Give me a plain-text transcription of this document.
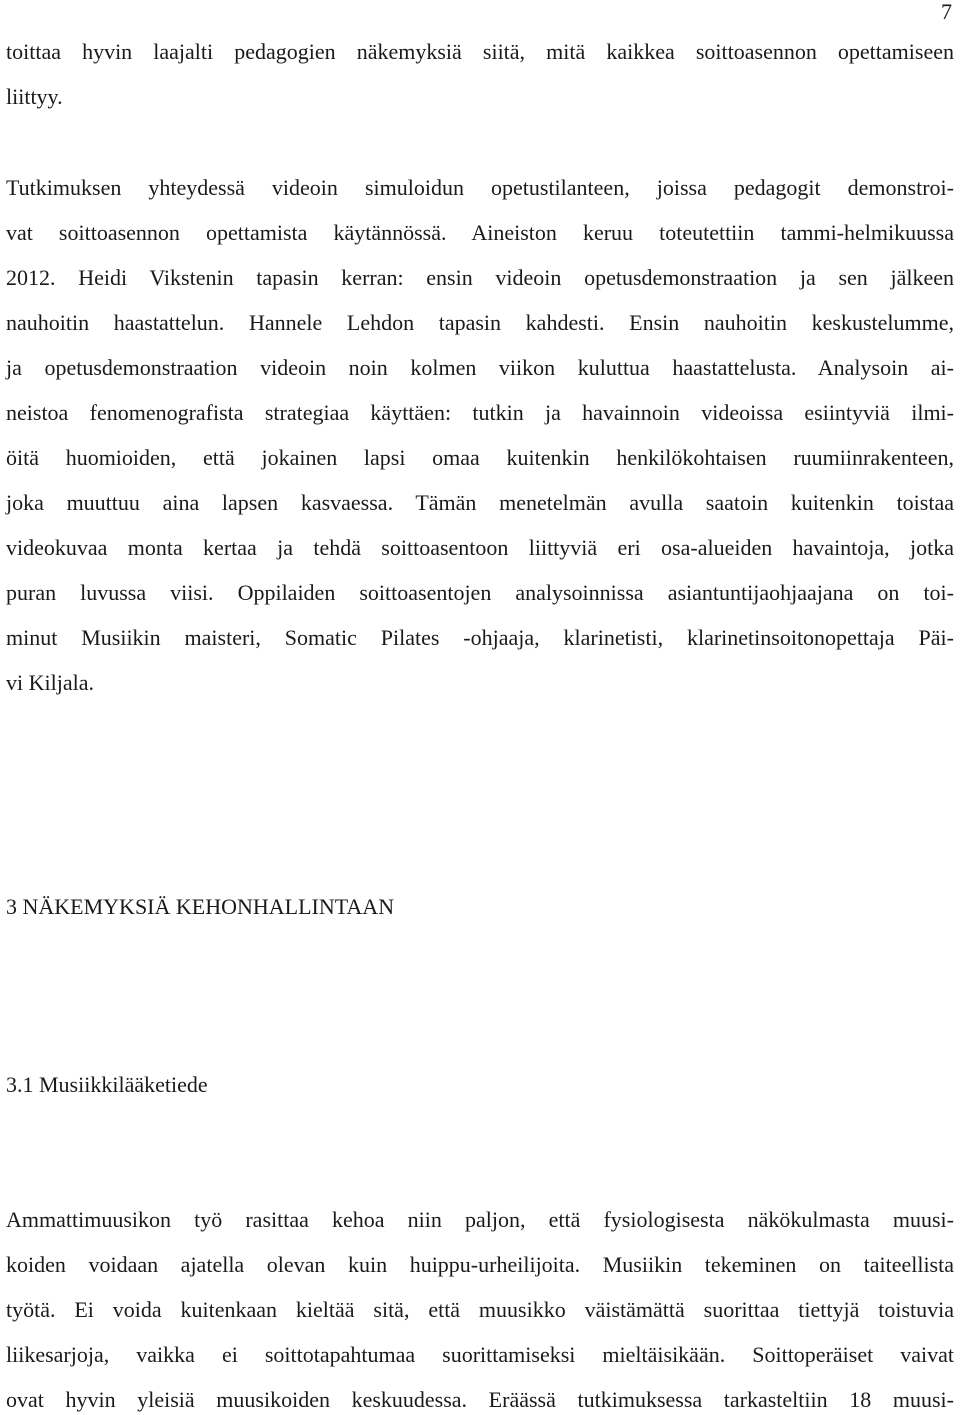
7
toittaa hyvin laajalti pedagogien näkemyksiä siitä, mitä kaikkea soittoasennon opettamiseen
liittyy.
Tutkimuksen yhteydessä videoin simuloidun opetustilanteen, joissa pedagogit demonstroi-
vat soittoasennon opettamista käytännössä. Aineiston keruu toteutettiin tammi-helmikuussa
2012. Heidi Vikstenin tapasin kerran: ensin videoin opetusdemonstraation ja sen jälkeen
nauhoitin haastattelun. Hannele Lehdon tapasin kahdesti. Ensin nauhoitin keskustelumme,
ja opetusdemonstraation videoin noin kolmen viikon kuluttua haastattelusta. Analysoin ai-
neistoa fenomenografista strategiaa käyttäen: tutkin ja havainnoin videoissa esiintyviä ilmi-
öitä huomioiden, että jokainen lapsi omaa kuitenkin henkilökohtaisen ruumiinrakenteen,
joka muuttuu aina lapsen kasvaessa. Tämän menetelmän avulla saatoin kuitenkin toistaa
videokuvaa monta kertaa ja tehdä soittoasentoon liittyviä eri osa-alueiden havaintoja, jotka
puran luvussa viisi. Oppilaiden soittoasentojen analysoinnissa asiantuntijaohjaajana on toi-
minut Musiikin maisteri, Somatic Pilates -ohjaaja, klarinetisti, klarinetinsoitonopettaja Päi-
vi Kiljala.
3 NÄKEMYKSIÄ KEHONHALLINTAAN
3.1 Musiikkilääketiede
Ammattimuusikon työ rasittaa kehoa niin paljon, että fysiologisesta näkökulmasta muusi-
koiden voidaan ajatella olevan kuin huippu-urheilijoita. Musiikin tekeminen on taiteellista
työtä. Ei voida kuitenkaan kieltää sitä, että muusikko väistämättä suorittaa tiettyjä toistuvia
liikesarjoja, vaikka ei soittotapahtumaa suorittamiseksi mieltäisikään. Soittoperäiset vaivat
ovat hyvin yleisiä muusikoiden keskuudessa. Eräässä tutkimuksessa tarkasteltiin 18 muusi-
